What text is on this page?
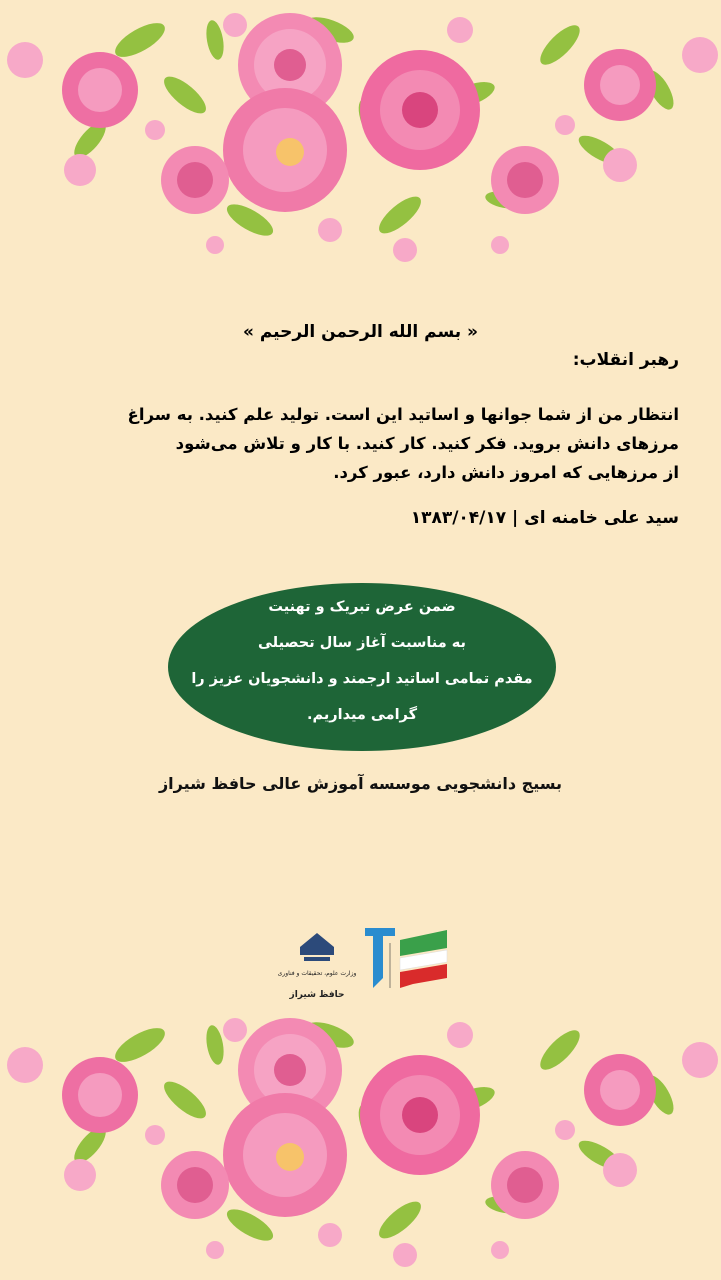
« بسم الله الرحمن الرحیم »
رهبر انقلاب:
انتظار من از شما جوانها و اساتید این است. تولید علم کنید. به سراغ
مرزهای دانش بروید. فکر کنید. کار کنید. با کار و تلاش می‌شود
از مرزهایی که امروز دانش دارد، عبور کرد.
سید علی خامنه ای | ۱۳۸۳/۰۴/۱۷
ضمن عرض تبریک و تهنیت
به مناسبت آغاز سال تحصیلی
مقدم تمامی اساتید ارجمند و دانشجویان عزیز را
گرامی میداریم.
بسیج دانشجویی موسسه آموزش عالی حافظ شیراز
وزارت علوم، تحقیقات و فناوری
حافظ شیراز
